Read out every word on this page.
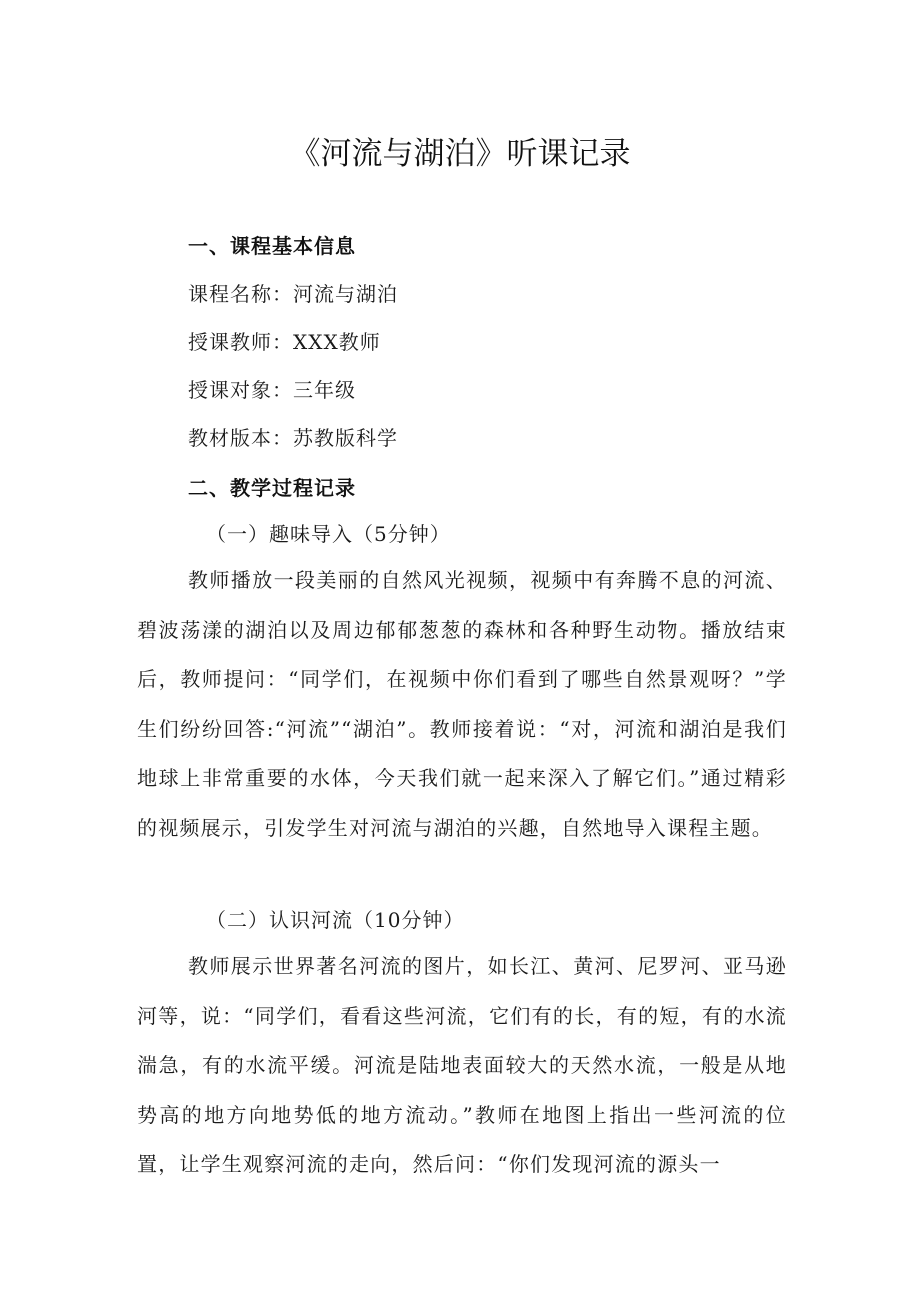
《河流与湖泊》听课记录
一、课程基本信息
课程名称：河流与湖泊
授课教师：XXX教师
授课对象：三年级
教材版本：苏教版科学
二、教学过程记录
（一）趣味导入（5分钟）

教师播放一段美丽的自然风光视频，视频中有奔腾不息的河流、碧波荡漾的湖泊以及周边郁郁葱葱的森林和各种野生动物。播放结束后，教师提问：“同学们，在视频中你们看到了哪些自然景观呀？”学生们纷纷回答:“河流”“湖泊”。教师接着说：“对，河流和湖泊是我们地球上非常重要的水体，今天我们就一起来深入了解它们。”通过精彩的视频展示，引发学生对河流与湖泊的兴趣，自然地导入课程主题。

（二）认识河流（10分钟）

教师展示世界著名河流的图片，如长江、黄河、尼罗河、亚马逊河等，说：“同学们，看看这些河流，它们有的长，有的短，有的水流湍急，有的水流平缓。河流是陆地表面较大的天然水流，一般是从地势高的地方向地势低的地方流动。”教师在地图上指出一些河流的位置，让学生观察河流的走向，然后问：“你们发现河流的源头一
